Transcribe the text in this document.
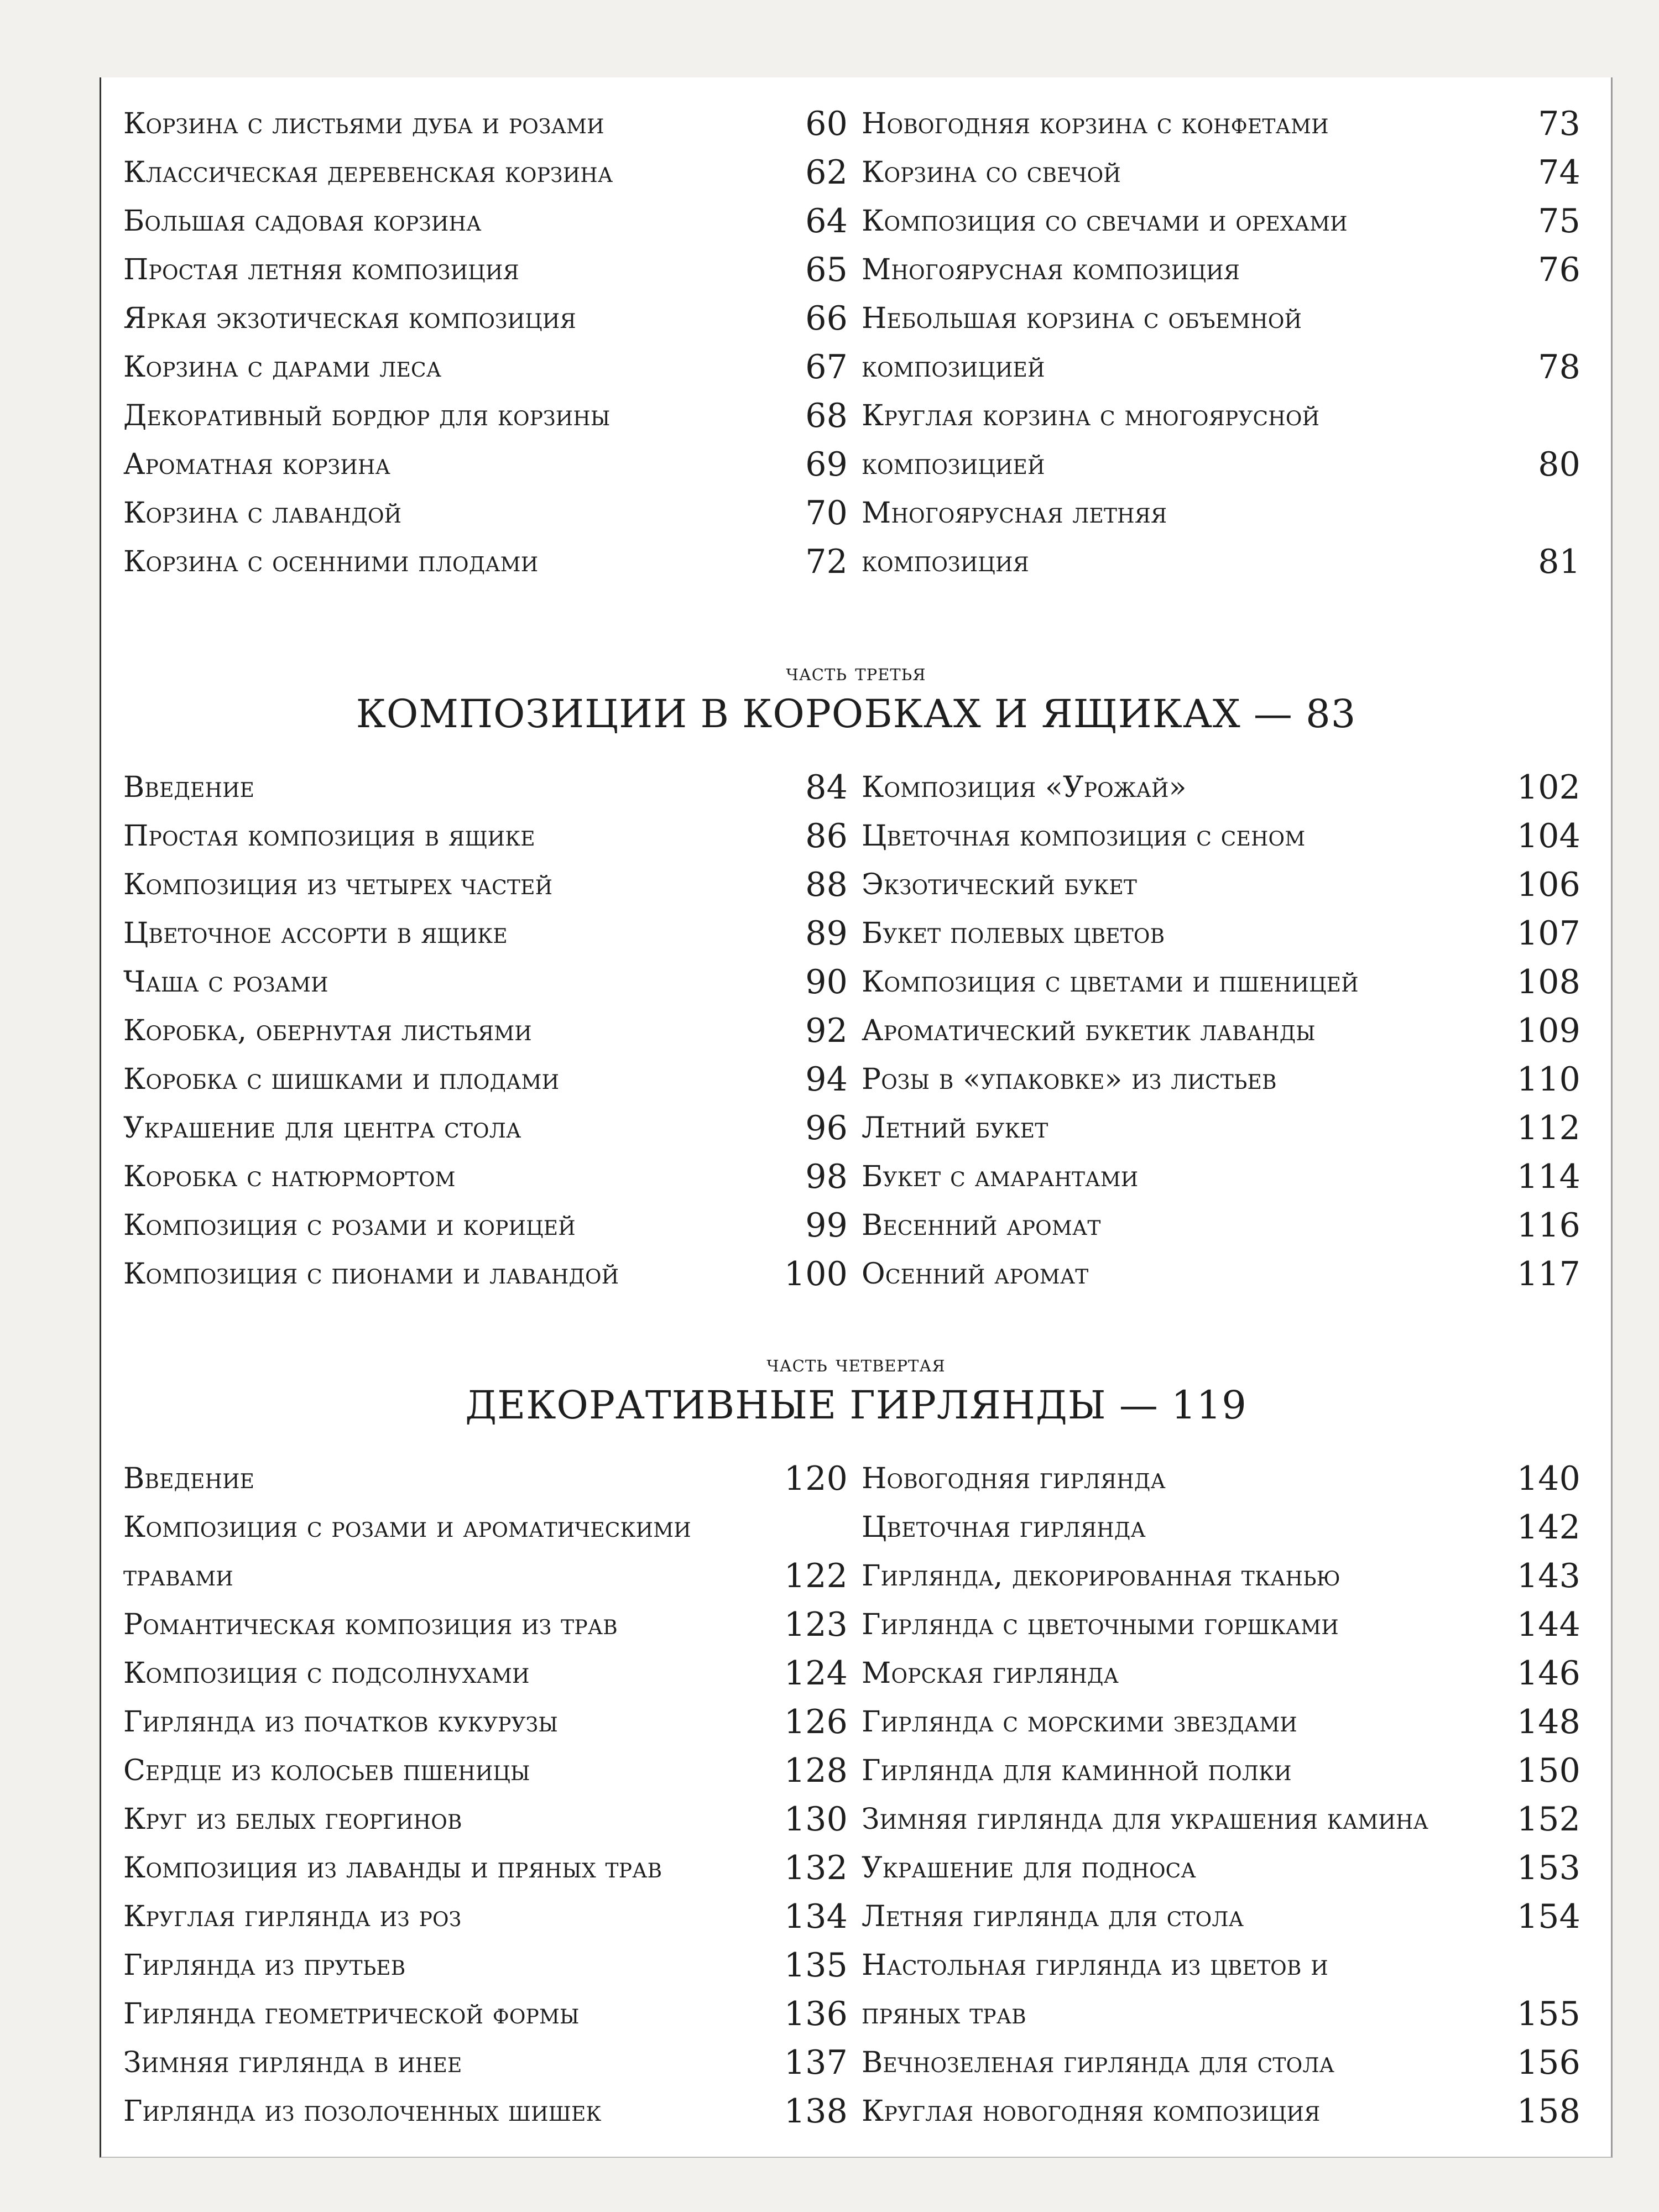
Корзина с листьями дуба и розами	60
Классическая деревенская корзина	62
Большая садовая корзина	64
Простая летняя композиция	65
Яркая экзотическая композиция	66
Корзина с дарами леса	67
Декоративный бордюр для корзины	68
Ароматная корзина	69
Корзина с лавандой	70
Корзина с осенними плодами	72
Новогодняя корзина с конфетами	73
Корзина со свечой	74
Композиция со свечами и орехами	75
Многоярусная композиция	76
Небольшая корзина с объемной композицией	78
Круглая корзина с многоярусной композицией	80
Многоярусная летняя композиция	81
часть третья
КОМПОЗИЦИИ В КОРОБКАХ И ЯЩИКАХ — 83
Введение	84
Простая композиция в ящике	86
Композиция из четырех частей	88
Цветочное ассорти в ящике	89
Чаша с розами	90
Коробка, обернутая листьями	92
Коробка с шишками и плодами	94
Украшение для центра стола	96
Коробка с натюрмортом	98
Композиция с розами и корицей	99
Композиция с пионами и лавандой	100
Композиция «Урожай»	102
Цветочная композиция с сеном	104
Экзотический букет	106
Букет полевых цветов	107
Композиция с цветами и пшеницей	108
Ароматический букетик лаванды	109
Розы в «упаковке» из листьев	110
Летний букет	112
Букет с амарантами	114
Весенний аромат	116
Осенний аромат	117
часть четвертая
ДЕКОРАТИВНЫЕ ГИРЛЯНДЫ — 119
Введение	120
Композиция с розами и ароматическими травами	122
Романтическая композиция из трав	123
Композиция с подсолнухами	124
Гирлянда из початков кукурузы	126
Сердце из колосьев пшеницы	128
Круг из белых георгинов	130
Композиция из лаванды и пряных трав	132
Круглая гирлянда из роз	134
Гирлянда из прутьев	135
Гирлянда геометрической формы	136
Зимняя гирлянда в инее	137
Гирлянда из позолоченных шишек	138
Новогодняя гирлянда	140
Цветочная гирлянда	142
Гирлянда, декорированная тканью	143
Гирлянда с цветочными горшками	144
Морская гирлянда	146
Гирлянда с морскими звездами	148
Гирлянда для каминной полки	150
Зимняя гирлянда для украшения камина	152
Украшение для подноса	153
Летняя гирлянда для стола	154
Настольная гирлянда из цветов и пряных трав	155
Вечнозеленая гирлянда для стола	156
Круглая новогодняя композиция	158
